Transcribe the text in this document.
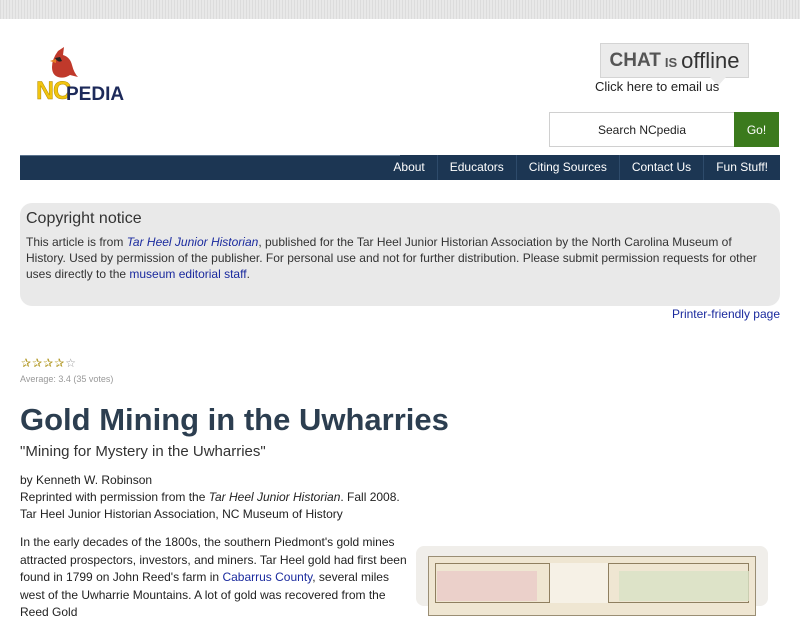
NC
PEDIA
CHAT IS offline
Click here to email us
Search NCpedia
Go!
About	Educators	Citing Sources	Contact Us	Fun Stuff!
Copyright notice

This article is from Tar Heel Junior Historian, published for the Tar Heel Junior Historian Association by the North Carolina Museum of History. Used by permission of the publisher. For personal use and not for further distribution. Please submit permission requests for other uses directly to the museum editorial staff.

Printer-friendly page
✰ ✰ ✰ ✰ ☆
Average: 3.4 (35 votes)
Gold Mining in the Uwharries
"Mining for Mystery in the Uwharries"
by Kenneth W. Robinson
Reprinted with permission from the Tar Heel Junior Historian. Fall 2008.
Tar Heel Junior Historian Association, NC Museum of History

In the early decades of the 1800s, the southern Piedmont's gold mines attracted prospectors, investors, and miners. Tar Heel gold had first been found in 1799 on John Reed's farm in Cabarrus County, several miles west of the Uwharrie Mountains. A lot of gold was recovered from the Reed Gold
